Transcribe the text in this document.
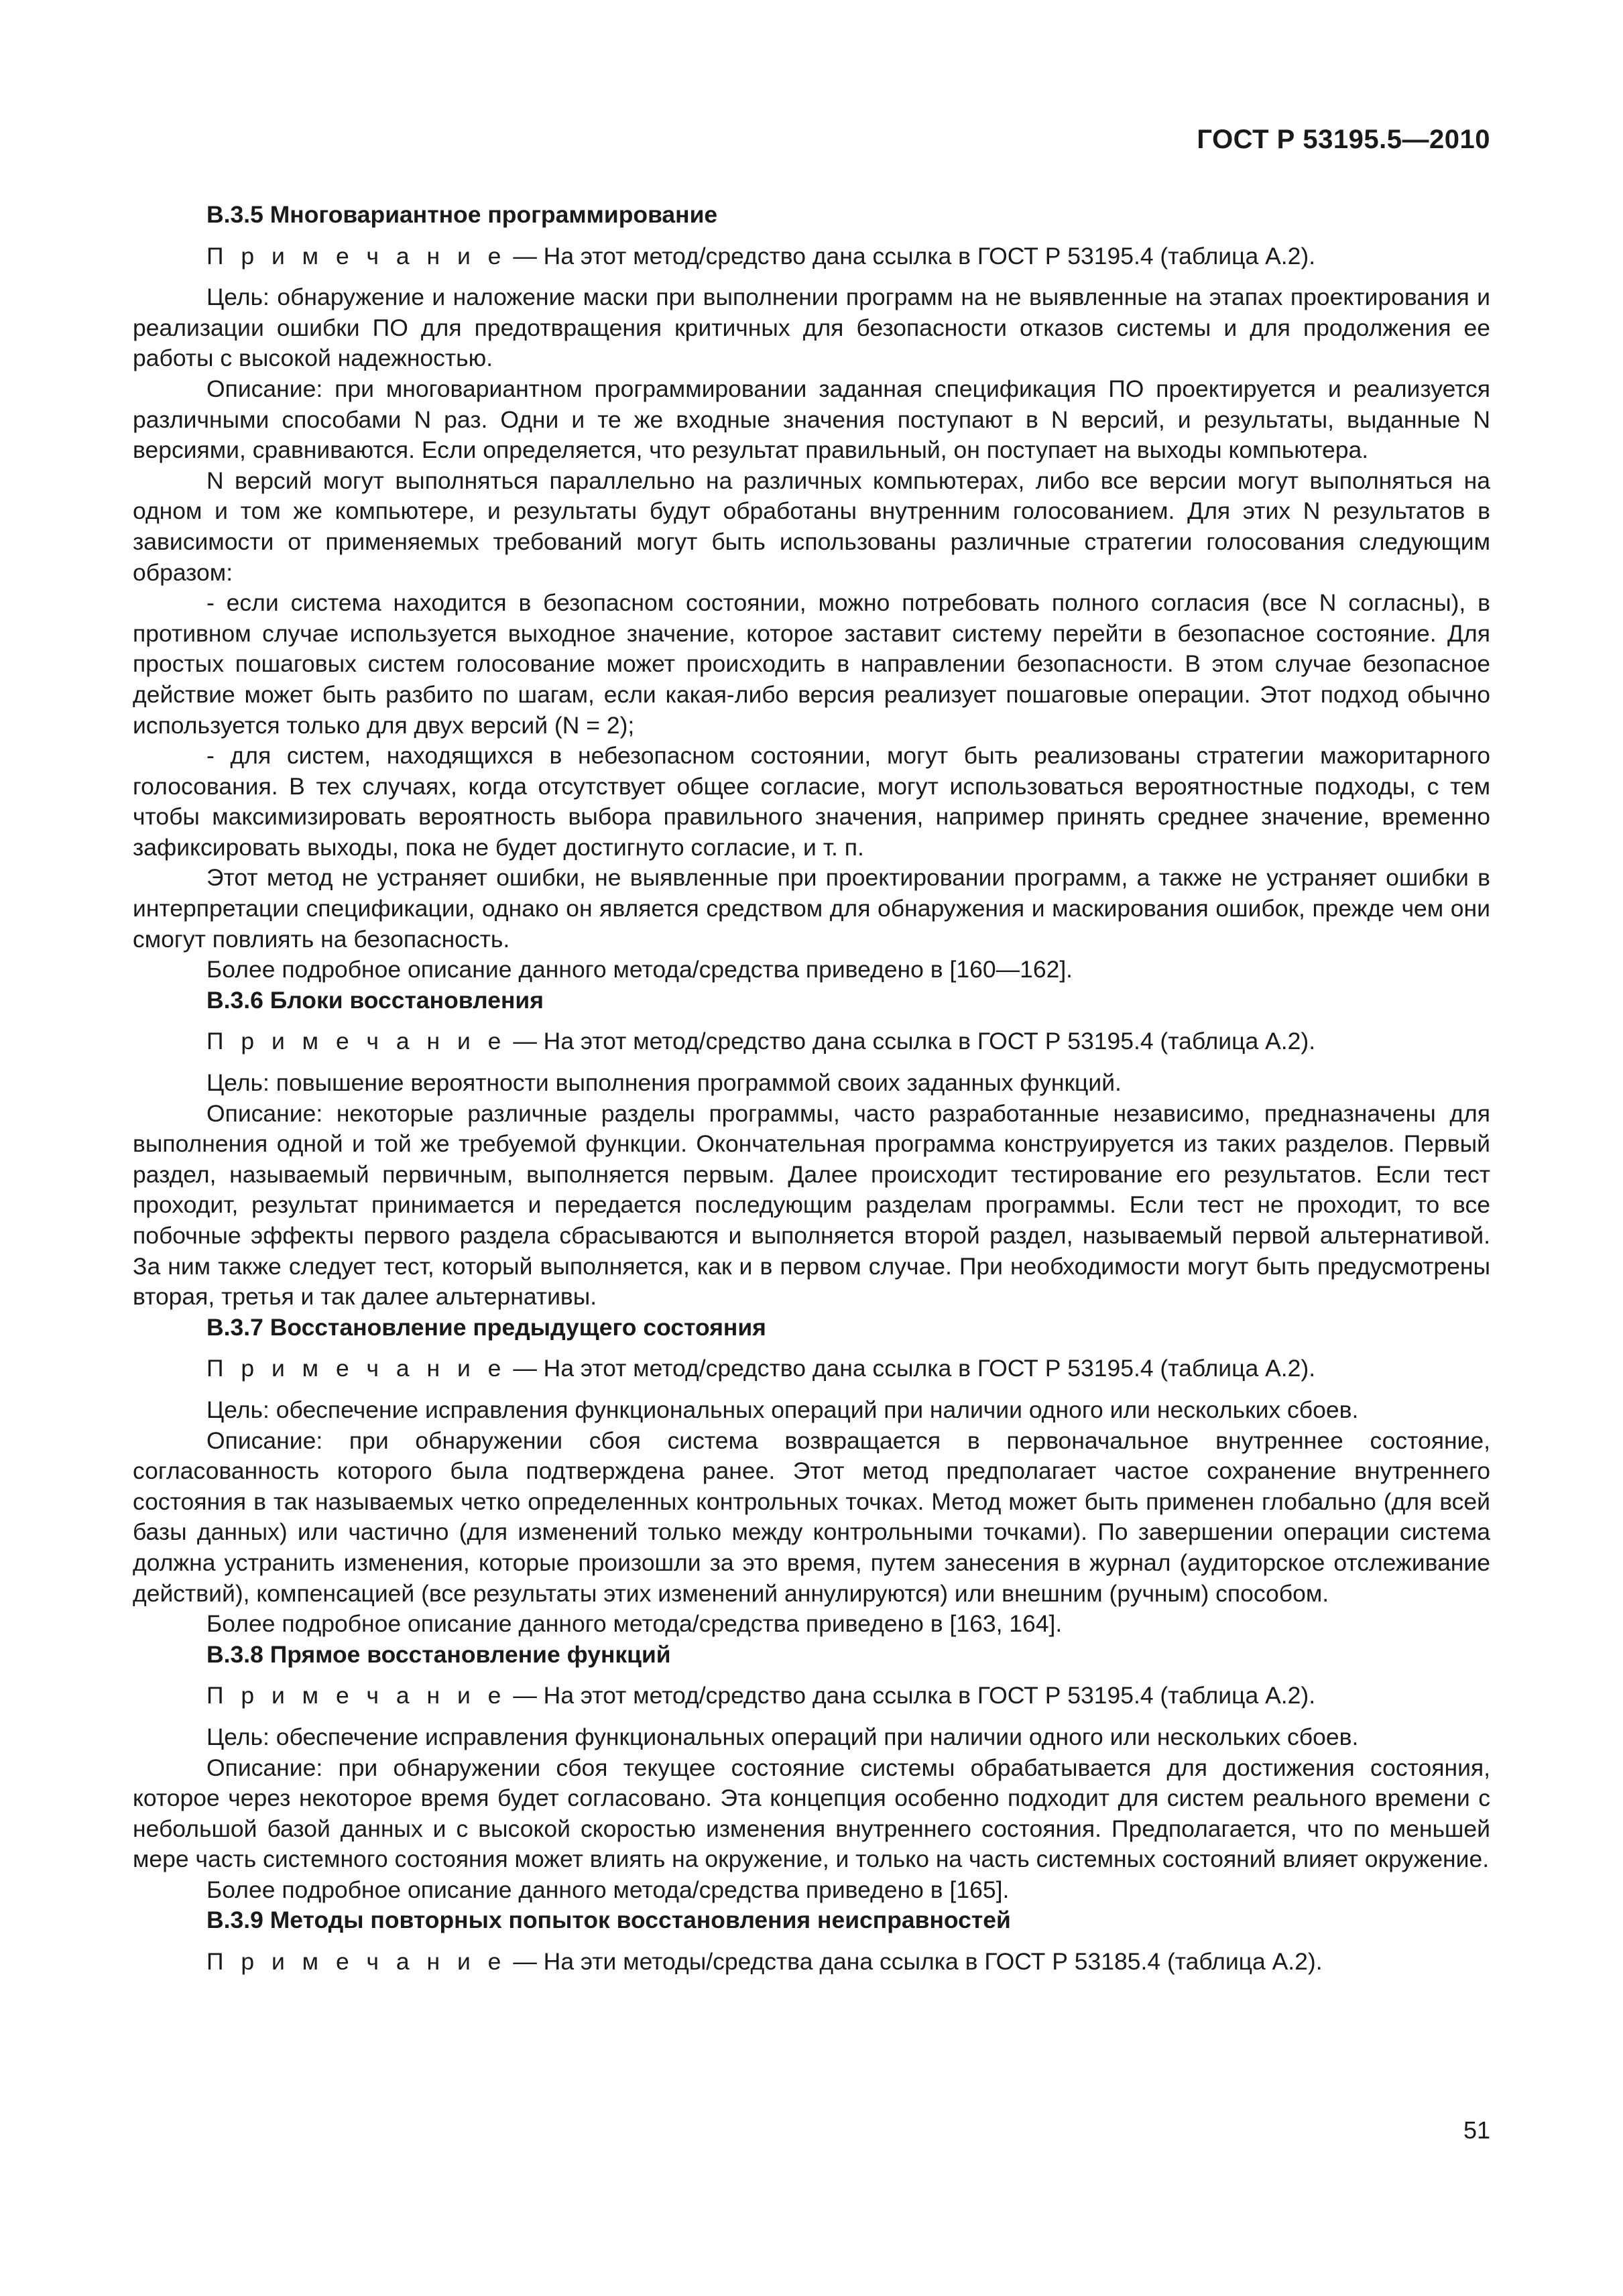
ГОСТ Р 53195.5—2010
В.3.5 Многовариантное программирование

П р и м е ч а н и е — На этот метод/средство дана ссылка в ГОСТ Р 53195.4 (таблица А.2).

Цель: обнаружение и наложение маски при выполнении программ на не выявленные на этапах проектирования и реализации ошибки ПО для предотвращения критичных для безопасности отказов системы и для продолжения ее работы с высокой надежностью.

Описание: при многовариантном программировании заданная спецификация ПО проектируется и реализуется различными способами N раз. Одни и те же входные значения поступают в N версий, и результаты, выданные N версиями, сравниваются. Если определяется, что результат правильный, он поступает на выходы компьютера.

N версий могут выполняться параллельно на различных компьютерах, либо все версии могут выполняться на одном и том же компьютере, и результаты будут обработаны внутренним голосованием. Для этих N результатов в зависимости от применяемых требований могут быть использованы различные стратегии голосования следующим образом:

- если система находится в безопасном состоянии, можно потребовать полного согласия (все N согласны), в противном случае используется выходное значение, которое заставит систему перейти в безопасное состояние. Для простых пошаговых систем голосование может происходить в направлении безопасности. В этом случае безопасное действие может быть разбито по шагам, если какая-либо версия реализует пошаговые операции. Этот подход обычно используется только для двух версий (N = 2);

- для систем, находящихся в небезопасном состоянии, могут быть реализованы стратегии мажоритарного голосования. В тех случаях, когда отсутствует общее согласие, могут использоваться вероятностные подходы, с тем чтобы максимизировать вероятность выбора правильного значения, например принять среднее значение, временно зафиксировать выходы, пока не будет достигнуто согласие, и т. п.

Этот метод не устраняет ошибки, не выявленные при проектировании программ, а также не устраняет ошибки в интерпретации спецификации, однако он является средством для обнаружения и маскирования ошибок, прежде чем они смогут повлиять на безопасность.

Более подробное описание данного метода/средства приведено в [160—162].

В.3.6 Блоки восстановления

П р и м е ч а н и е — На этот метод/средство дана ссылка в ГОСТ Р 53195.4 (таблица А.2).

Цель: повышение вероятности выполнения программой своих заданных функций.

Описание: некоторые различные разделы программы, часто разработанные независимо, предназначены для выполнения одной и той же требуемой функции. Окончательная программа конструируется из таких разделов. Первый раздел, называемый первичным, выполняется первым. Далее происходит тестирование его результатов. Если тест проходит, результат принимается и передается последующим разделам программы. Если тест не проходит, то все побочные эффекты первого раздела сбрасываются и выполняется второй раздел, называемый первой альтернативой. За ним также следует тест, который выполняется, как и в первом случае. При необходимости могут быть предусмотрены вторая, третья и так далее альтернативы.

В.3.7 Восстановление предыдущего состояния

П р и м е ч а н и е — На этот метод/средство дана ссылка в ГОСТ Р 53195.4 (таблица А.2).

Цель: обеспечение исправления функциональных операций при наличии одного или нескольких сбоев.

Описание: при обнаружении сбоя система возвращается в первоначальное внутреннее состояние, согласованность которого была подтверждена ранее. Этот метод предполагает частое сохранение внутреннего состояния в так называемых четко определенных контрольных точках. Метод может быть применен глобально (для всей базы данных) или частично (для изменений только между контрольными точками). По завершении операции система должна устранить изменения, которые произошли за это время, путем занесения в журнал (аудиторское отслеживание действий), компенсацией (все результаты этих изменений аннулируются) или внешним (ручным) способом.

Более подробное описание данного метода/средства приведено в [163, 164].

В.3.8 Прямое восстановление функций

П р и м е ч а н и е — На этот метод/средство дана ссылка в ГОСТ Р 53195.4 (таблица А.2).

Цель: обеспечение исправления функциональных операций при наличии одного или нескольких сбоев.

Описание: при обнаружении сбоя текущее состояние системы обрабатывается для достижения состояния, которое через некоторое время будет согласовано. Эта концепция особенно подходит для систем реального времени с небольшой базой данных и с высокой скоростью изменения внутреннего состояния. Предполагается, что по меньшей мере часть системного состояния может влиять на окружение, и только на часть системных состояний влияет окружение.

Более подробное описание данного метода/средства приведено в [165].

В.3.9 Методы повторных попыток восстановления неисправностей

П р и м е ч а н и е — На эти методы/средства дана ссылка в ГОСТ Р 53185.4 (таблица А.2).

51
